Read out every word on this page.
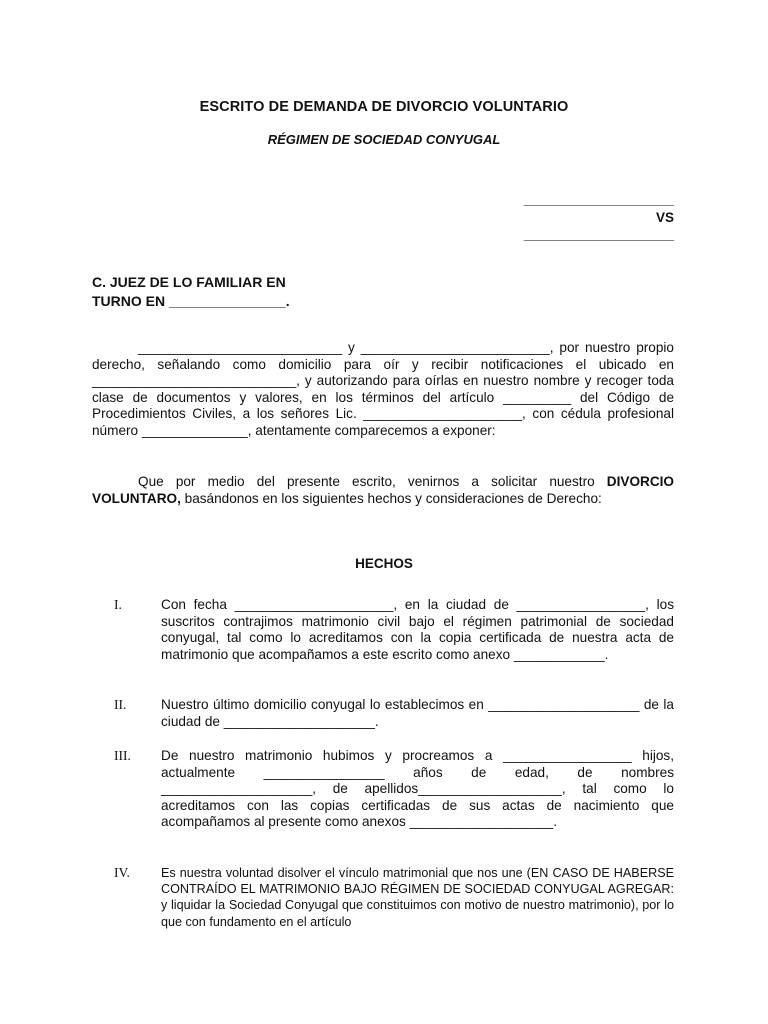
ESCRITO DE DEMANDA DE DIVORCIO VOLUNTARIO
RÉGIMEN DE SOCIEDAD CONYUGAL
____________________
VS
____________________
C. JUEZ DE LO FAMILIAR EN
TURNO EN _______________.

___________________________ y _________________________, por nuestro propio derecho, señalando como domicilio para oír y recibir notificaciones el ubicado en ___________________________, y autorizando para oírlas en nuestro nombre y recoger toda clase de documentos y valores, en los términos del artículo _________ del Código de Procedimientos Civiles, a los señores Lic. _____________________, con cédula profesional número ______________, atentamente comparecemos a exponer:

Que por medio del presente escrito, venirnos a solicitar nuestro DIVORCIO VOLUNTARO, basándonos en los siguientes hechos y consideraciones de Derecho:

HECHOS
I.	Con fecha _____________________, en la ciudad de _________________, los suscritos contrajimos matrimonio civil bajo el régimen patrimonial de sociedad conyugal, tal como lo acreditamos con la copia certificada de nuestra acta de matrimonio que acompañamos a este escrito como anexo ____________.

II.	Nuestro último domicilio conyugal lo establecimos en ____________________ de la ciudad de ____________________.

III. De nuestro matrimonio hubimos y procreamos a _________________ hijos, actualmente ________________ años de edad, de nombres ____________________, de apellidos___________________, tal como lo acreditamos con las copias certificadas de sus actas de nacimiento que acompañamos al presente como anexos ___________________.

IV. Es nuestra voluntad disolver el vínculo matrimonial que nos une (EN CASO DE HABERSE CONTRAÍDO EL MATRIMONIO BAJO RÉGIMEN DE SOCIEDAD CONYUGAL AGREGAR: y liquidar la Sociedad Conyugal que constituimos con motivo de nuestro matrimonio), por lo que con fundamento en el artículo
